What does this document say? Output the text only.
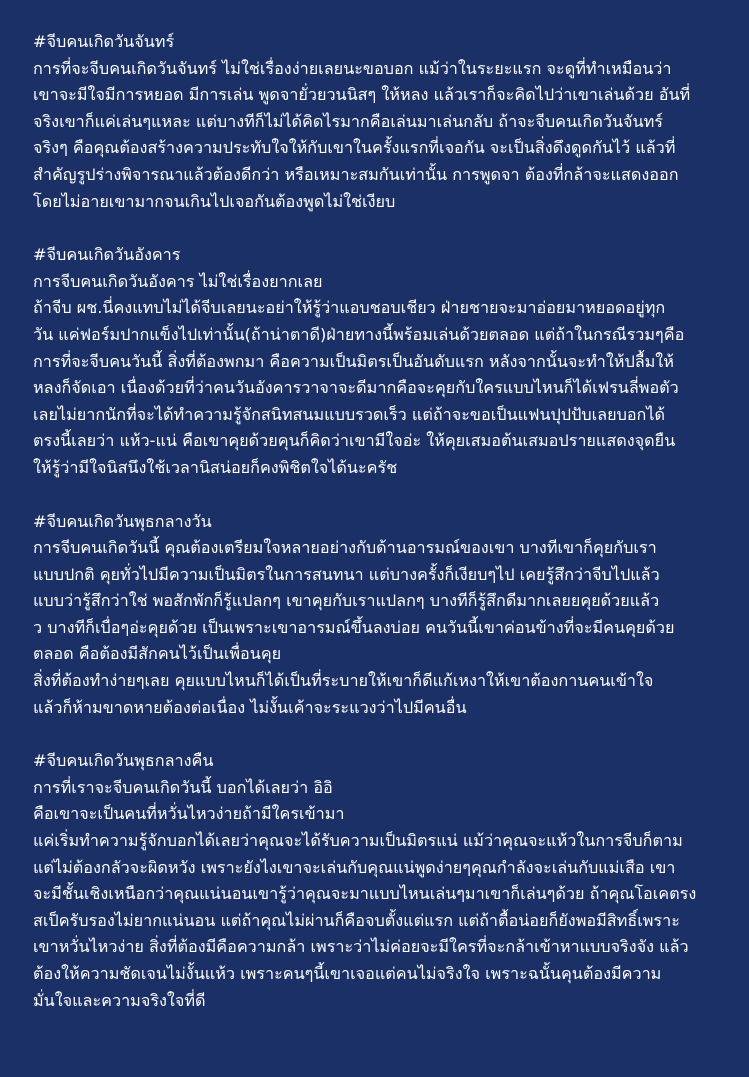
#จีบคนเกิดวันจันทร์
การที่จะจีบคนเกิดวันจันทร์ ไม่ใช่เรื่องง่ายเลยนะขอบอก แม้ว่าในระยะแรก จะดูที่ทำเหมือนว่า
เขาจะมีใจมีการหยอด มีการเล่น พูดจายั่วยวนนิสๆ ให้หลง แล้วเราก็จะคิดไปว่าเขาเล่นด้วย อันที่
จริงเขาก็แค่เล่นๆแหละ แต่บางทีก็ไม่ได้คิดไรมากคือเล่นมาเล่นกลับ ถ้าจะจีบคนเกิดวันจันทร์
จริงๆ คือคุณต้องสร้างความประทับใจให้กับเขาในครั้งแรกที่เจอกัน จะเป็นสิ่งดึงดูดกันไว้ แล้วที่
สำคัญรูปร่างพิจารณาแล้วต้องดีกว่า หรือเหมาะสมกันเท่านั้น การพูดจา ต้องที่กล้าจะแสดงออก
โดยไม่อายเขามากจนเกินไปเจอกันต้องพูดไม่ใช่เงียบ
#จีบคนเกิดวันอังคาร
การจีบคนเกิดวันอังคาร ไม่ใช่เรื่องยากเลย
ถ้าจีบ ผช.นี่คงแทบไม่ได้จีบเลยนะอย่าให้รู้ว่าแอบชอบเชียว ฝ่ายชายจะมาอ่อยมาหยอดอยู่ทุก
วัน แค่ฟอร์มปากแข็งไปเท่านั้น(ถ้าน่าตาดี)ฝ่ายทางนี้พร้อมเล่นด้วยตลอด แต่ถ้าในกรณีรวมๆคือ
การที่จะจีบคนวันนี้ สิ่งที่ต้องพกมา คือความเป็นมิตรเป็นอันดับแรก หลังจากนั้นจะทำให้ปลื้มให้
หลงก็จัดเอา เนื่องด้วยที่ว่าคนวันอังคารวาจาจะดีมากคือจะคุยกับใครแบบไหนก็ได้เฟรนลี่พอตัว
เลยไม่ยากนักที่จะได้ทำความรู้จักสนิทสนมแบบรวดเร็ว แต่ถ้าจะขอเป็นแฟนปุปปับเลยบอกได้
ตรงนี้เลยว่า แห้ว-แน่ คือเขาคุยด้วยคุนก็คิดว่าเขามีใจอ่ะ ให้คุยเสมอต้นเสมอปรายแสดงจุดยืน
ให้รู้ว่ามีใจนิสนึงใช้เวลานิสน่อยก็คงพิชิตใจได้นะครัช
#จีบคนเกิดวันพุธกลางวัน
การจีบคนเกิดวันนี้ คุณต้องเตรียมใจหลายอย่างกับด้านอารมณ์ของเขา บางทีเขาก็คุยกับเรา
แบบปกติ คุยทั่วไปมีความเป็นมิตรในการสนทนา แต่บางครั้งก็เงียบๆไป เคยรู้สึกว่าจีบไปแล้ว
แบบว่ารู้สึกว่าใช่ พอสักพักก็รู้แปลกๆ เขาคุยกับเราแปลกๆ บางทีก็รู้สึกดีมากเลยยคุยด้วยแล้ว
ว บางทีก็เบื่อๆอ่ะคุยด้วย เป็นเพราะเขาอารมณ์ขึ้นลงบ่อย คนวันนี้เขาค่อนข้างที่จะมีคนคุยด้วย
ตลอด คือต้องมีสักคนไว้เป็นเพื่อนคุย
สิ่งที่ต้องทำง่ายๆเลย คุยแบบไหนก็ได้เป็นที่ระบายให้เขาก็ดีแก้เหงาให้เขาต้องกานคนเข้าใจ
แล้วก็ห้ามขาดหายต้องต่อเนื่อง ไม่งั้นเค้าจะระแวงว่าไปมีคนอื่น
#จีบคนเกิดวันพุธกลางคืน
การที่เราจะจีบคนเกิดวันนี้ บอกได้เลยว่า อิอิ
คือเขาจะเป็นคนที่หวั่นไหวง่ายถ้ามีใครเข้ามา
แค่เริ่มทำความรู้จักบอกได้เลยว่าคุณจะได้รับความเป็นมิตรแน่ แม้ว่าคุณจะแห้วในการจีบก็ตาม
แต่ไม่ต้องกลัวจะผิดหวัง เพราะยังไงเขาจะเล่นกับคุณแน่พูดง่ายๆคุณกำลังจะเล่นกับแม่เสือ เขา
จะมีชั้นเชิงเหนือกว่าคุณแน่นอนเขารู้ว่าคุณจะมาแบบไหนเล่นๆมาเขาก็เล่นๆด้วย ถ้าคุณโอเคตรง
สเป็ครับรองไม่ยากแน่นอน แต่ถ้าคุณไม่ผ่านก็คือจบตั้งแต่แรก แต่ถ้าตื้อน่อยก็ยังพอมีสิทธิ์เพราะ
เขาหวั่นไหวง่าย สิ่งที่ต้องมีคือความกล้า เพราะว่าไม่ค่อยจะมีใครที่จะกล้าเข้าหาแบบจริงจัง แล้ว
ต้องให้ความชัดเจนไม่งั้นแห้ว เพราะคนๆนี้เขาเจอแต่คนไม่จริงใจ เพราะฉนั้นคุนต้องมีความ
มั่นใจและความจริงใจที่ดี
